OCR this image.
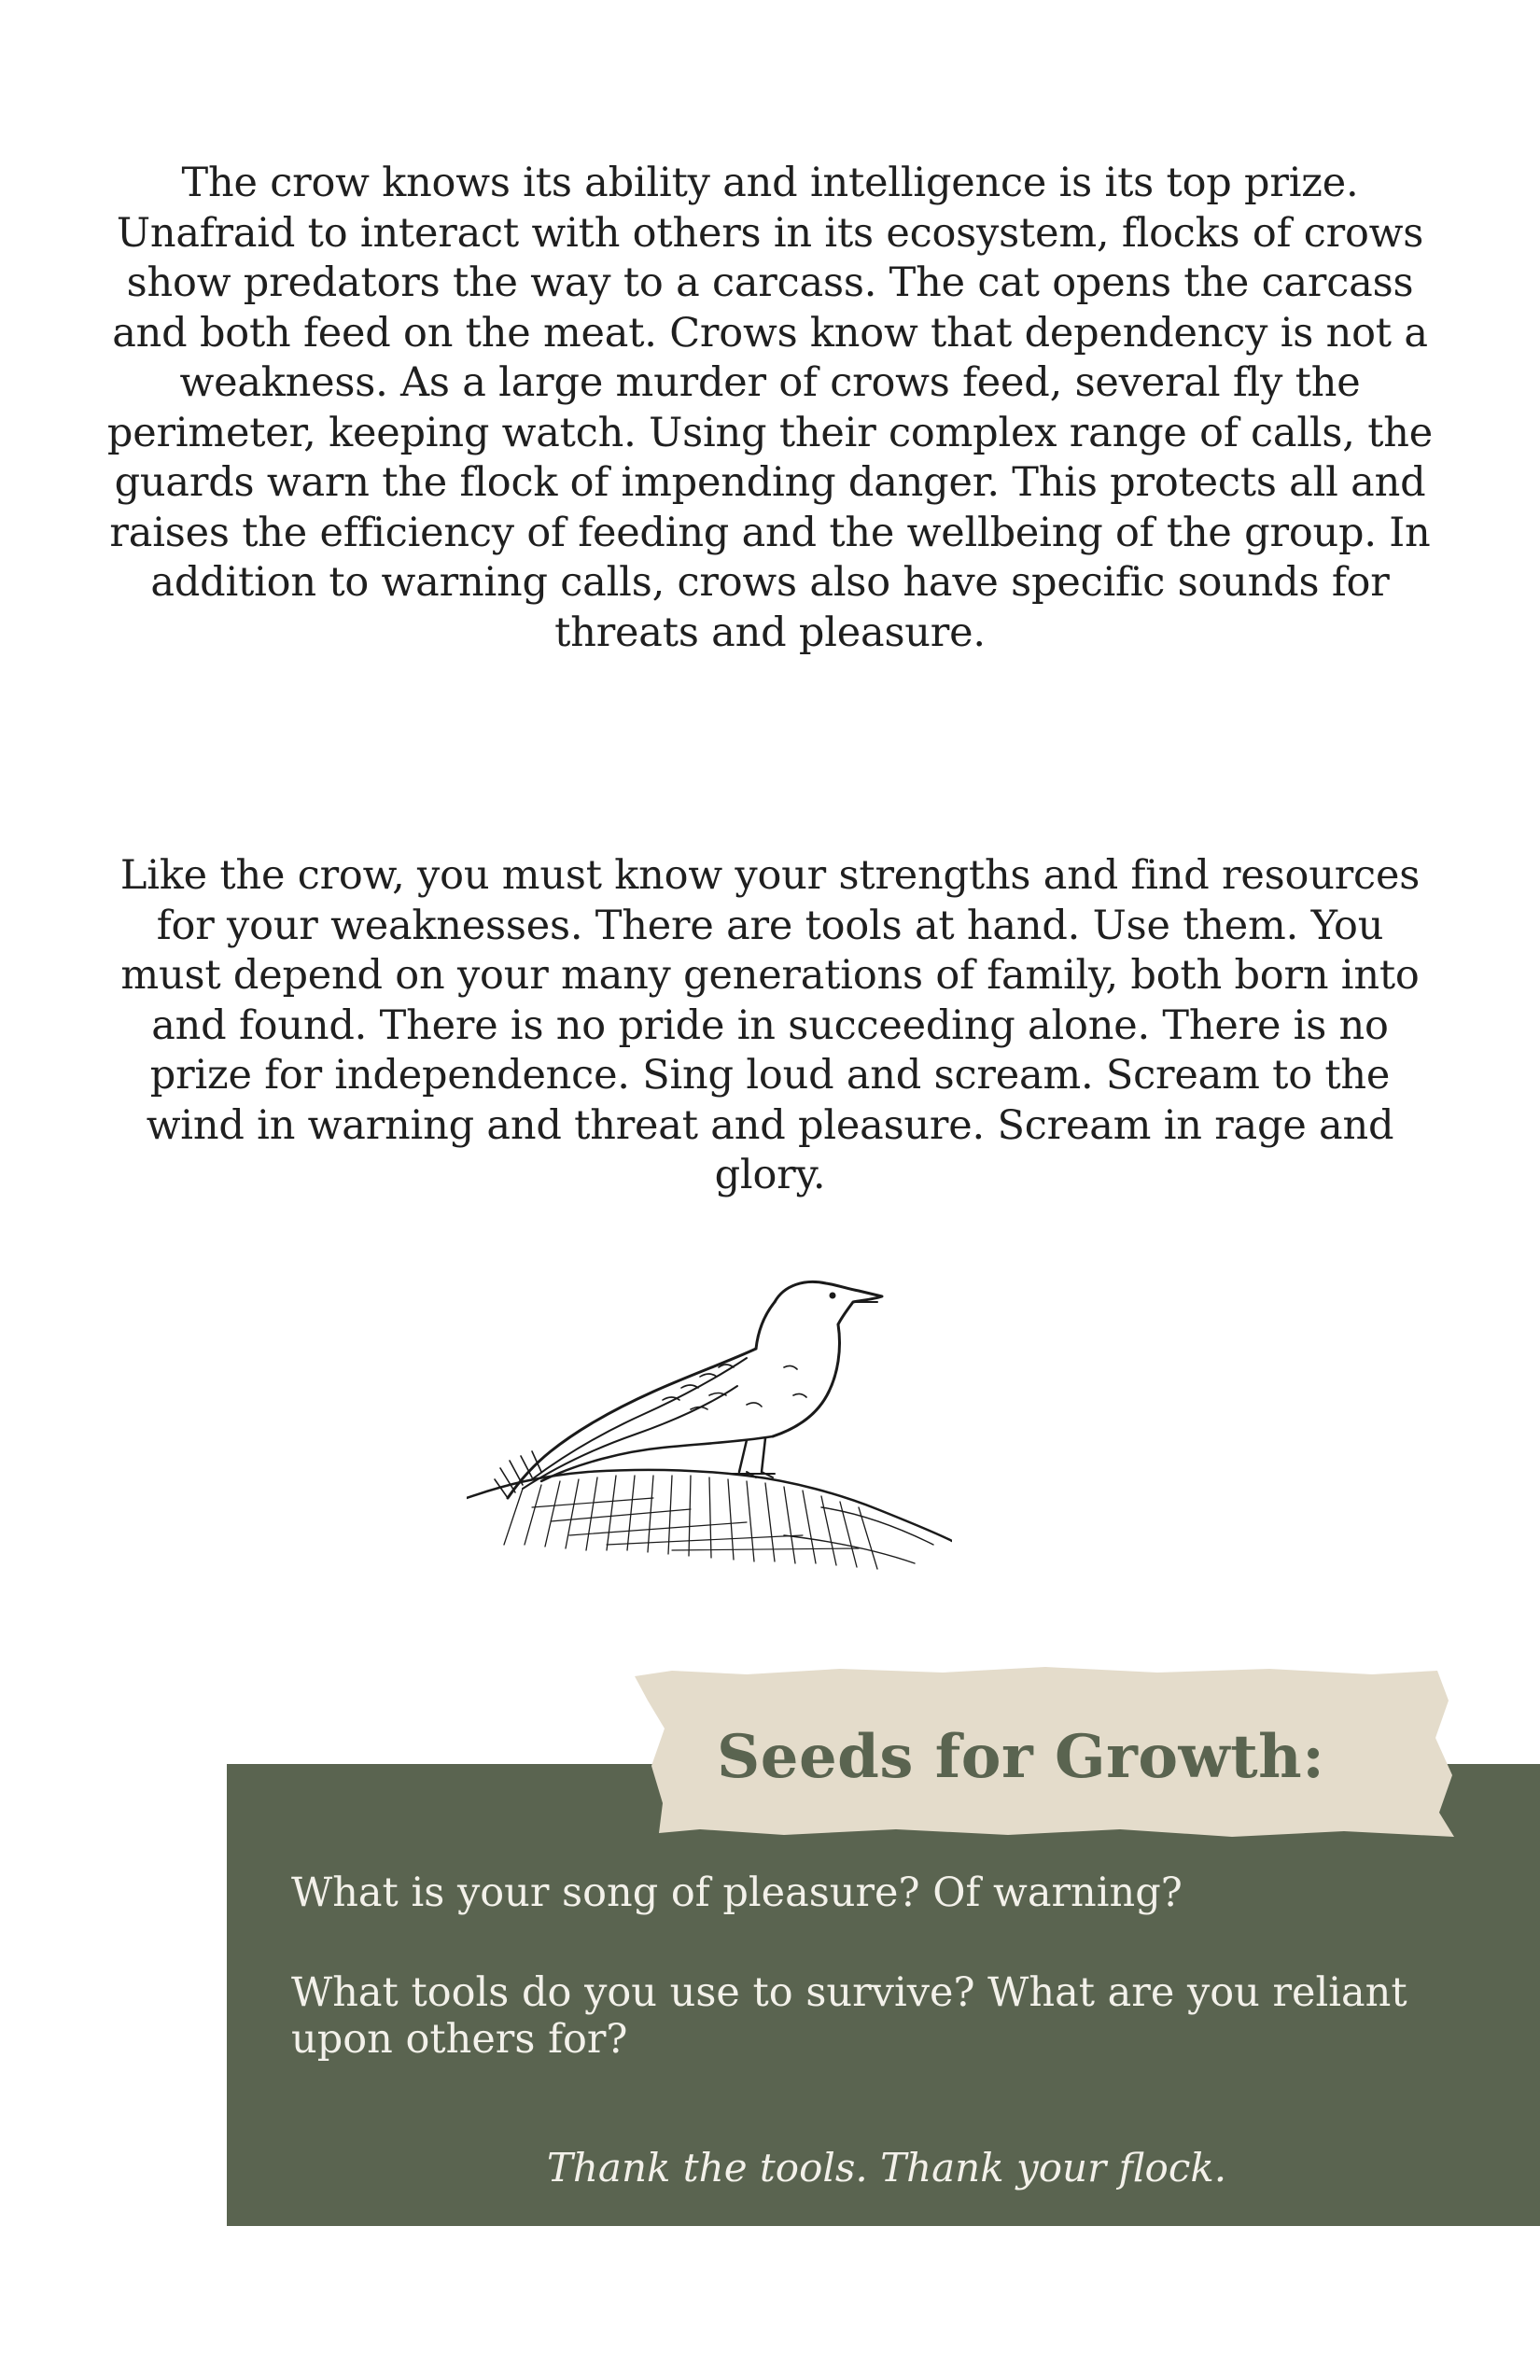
The crow knows its ability and intelligence is its top prize. Unafraid to interact with others in its ecosystem, flocks of crows show predators the way to a carcass. The cat opens the carcass and both feed on the meat. Crows know that dependency is not a weakness. As a large murder of crows feed, several fly the perimeter, keeping watch. Using their complex range of calls, the guards warn the flock of impending danger. This protects all and raises the efficiency of feeding and the wellbeing of the group. In addition to warning calls, crows also have specific sounds for threats and pleasure.

Like the crow, you must know your strengths and find resources for your weaknesses. There are tools at hand. Use them. You must depend on your many generations of family, both born into and found. There is no pride in succeeding alone. There is no prize for independence. Sing loud and scream. Scream to the wind in warning and threat and pleasure. Scream in rage and glory.

Seeds for Growth:

What is your song of pleasure? Of warning?

What tools do you use to survive? What are you reliant upon others for?

Thank the tools. Thank your flock.
